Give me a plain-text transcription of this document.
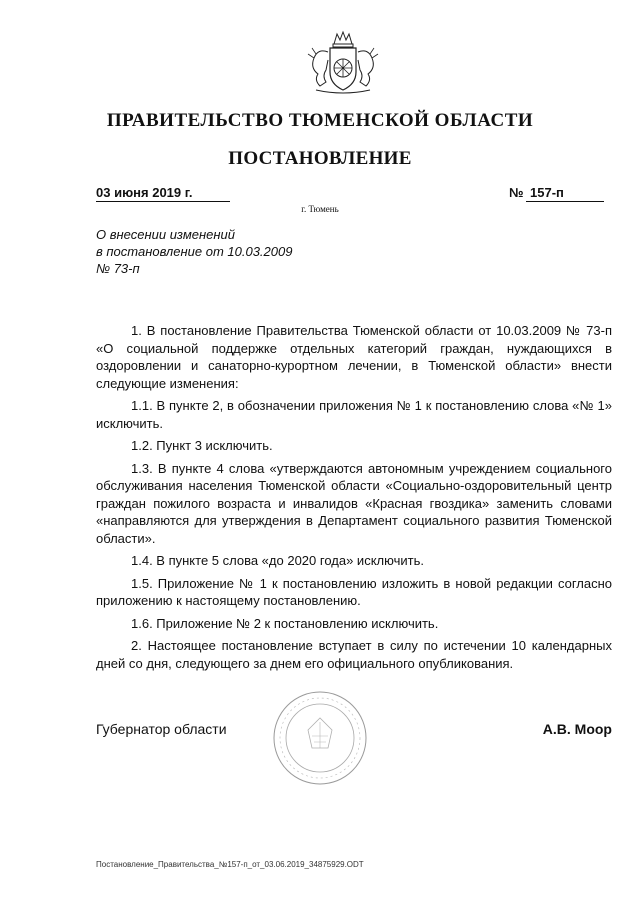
ПРАВИТЕЛЬСТВО ТЮМЕНСКОЙ ОБЛАСТИ
ПОСТАНОВЛЕНИЕ
03 июня 2019 г.	№ 157-п
г. Тюмень
О внесении изменений
в постановление от 10.03.2009
№ 73-п

1. В постановление Правительства Тюменской области от 10.03.2009 № 73-п «О социальной поддержке отдельных категорий граждан, нуждающихся в оздоровлении и санаторно-курортном лечении, в Тюменской области» внести следующие изменения:

1.1. В пункте 2, в обозначении приложения № 1 к постановлению слова «№ 1» исключить.

1.2. Пункт 3 исключить.

1.3. В пункте 4 слова «утверждаются автономным учреждением социального обслуживания населения Тюменской области «Социально-оздоровительный центр граждан пожилого возраста и инвалидов «Красная гвоздика» заменить словами «направляются для утверждения в Департамент социального развития Тюменской области».

1.4. В пункте 5 слова «до 2020 года» исключить.

1.5. Приложение № 1 к постановлению изложить в новой редакции согласно приложению к настоящему постановлению.

1.6. Приложение № 2 к постановлению исключить.

2. Настоящее постановление вступает в силу по истечении 10 календарных дней со дня, следующего за днем его официального опубликования.

Губернатор области	А.В. Моор
Постановление_Правительства_№157-п_от_03.06.2019_34875929.ODT
